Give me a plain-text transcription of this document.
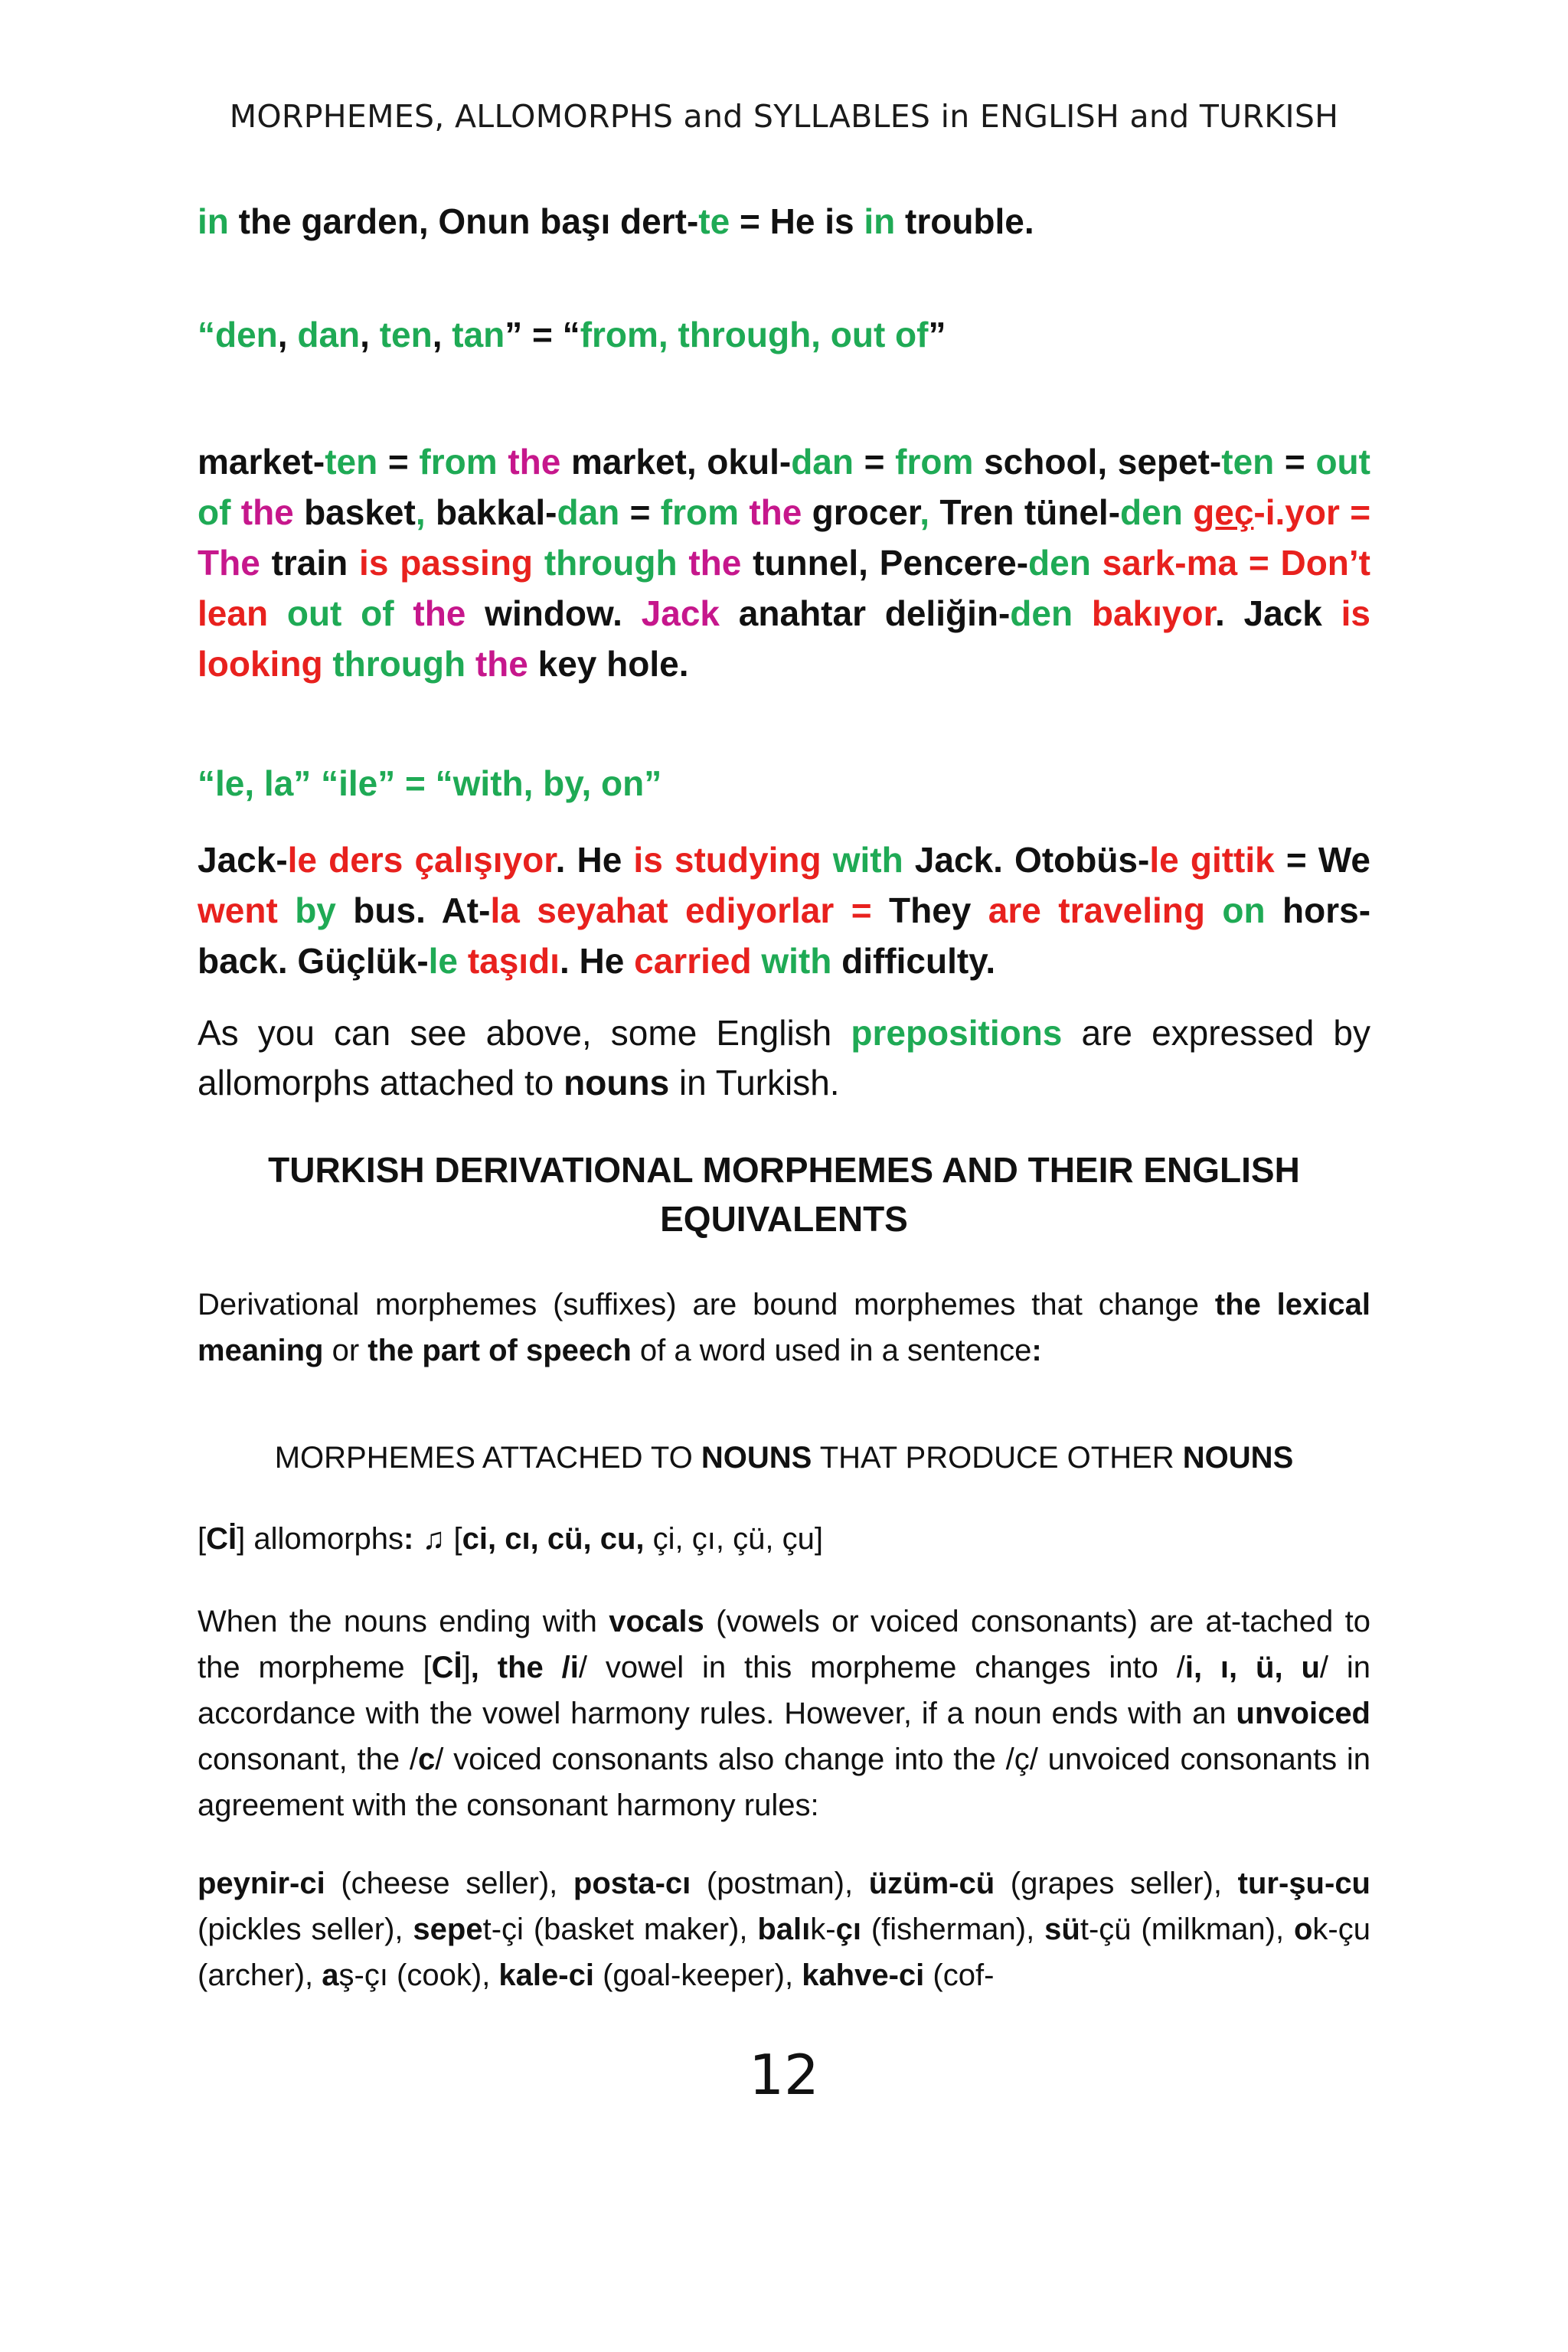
MORPHEMES, ALLOMORPHS and SYLLABLES in ENGLISH and TURKISH
in the garden, Onun başı dert-te = He is in trouble.
“den, dan, ten, tan” = “from, through, out of”
market-ten = from the market, okul-dan = from school, sepet-ten = out of the basket, bakkal-dan = from the grocer, Tren tünel-den geç-i.yor = The train is passing through the tunnel, Pencere-den sark-ma = Don’t lean out of the window. Jack anahtar deliğin-den bakıyor. Jack is looking through the key hole.
“le, la” “ile” = “with, by, on”
Jack-le ders çalışıyor. He is studying with Jack. Otobüs-le gittik = We went by bus. At-la seyahat ediyorlar = They are traveling on hors-back. Güçlük-le taşıdı. He carried with difficulty.
As you can see above, some English prepositions are expressed by allomorphs attached to nouns in Turkish.
TURKISH DERIVATIONAL MORPHEMES AND THEIR ENGLISH EQUIVALENTS
Derivational morphemes (suffixes) are bound morphemes that change the lexical meaning or the part of speech of a word used in a sentence:
MORPHEMES ATTACHED TO NOUNS THAT PRODUCE OTHER NOUNS
[Cİ] allomorphs: ♫ [ci, cı, cü, cu, çi, çı, çü, çu]
When the nouns ending with vocals (vowels or voiced consonants) are at-tached to the morpheme [Cİ], the /i/ vowel in this morpheme changes into /i, ı, ü, u/ in accordance with the vowel harmony rules. However, if a noun ends with an unvoiced consonant, the /c/ voiced consonants also change into the /ç/ unvoiced consonants in agreement with the consonant harmony rules:
peynir-ci (cheese seller), posta-cı (postman), üzüm-cü (grapes seller), tur-şu-cu (pickles seller), sepet-çi (basket maker), balık-çı (fisherman), süt-çü (milkman), ok-çu (archer), aş-çı (cook), kale-ci (goal-keeper), kahve-ci (cof-
12
